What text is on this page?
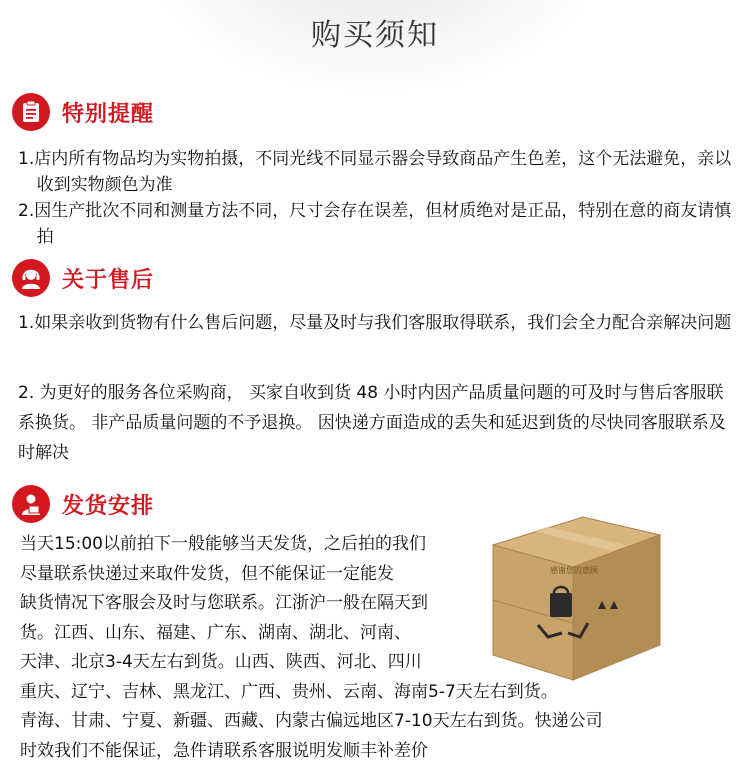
购买须知
特别提醒
1.店内所有物品均为实物拍摄，不同光线不同显示器会导致商品产生色差，这个无法避免，亲以收到实物颜色为准
2.因生产批次不同和测量方法不同，尺寸会存在误差，但材质绝对是正品，特别在意的商友请慎拍
关于售后
1.如果亲收到货物有什么售后问题，尽量及时与我们客服取得联系，我们会全力配合亲解决问题
2. 为更好的服务各位采购商， 买家自收到货 48 小时内因产品质量问题的可及时与售后客服联系换货。 非产品质量问题的不予退换。 因快递方面造成的丢失和延迟到货的尽快同客服联系及时解决
发货安排
当天15:00以前拍下一般能够当天发货，之后拍的我们
尽量联系快递过来取件发货，但不能保证一定能发
缺货情况下客服会及时与您联系。江浙沪一般在隔天到
货。江西、山东、福建、广东、湖南、湖北、河南、
天津、北京3-4天左右到货。山西、陕西、河北、四川
重庆、辽宁、吉林、黑龙江、广西、贵州、云南、海南5-7天左右到货。
青海、甘肃、宁夏、新疆、西藏、内蒙古偏远地区7-10天左右到货。快递公司
时效我们不能保证，急件请联系客服说明发顺丰补差价
感谢您的惠顾
